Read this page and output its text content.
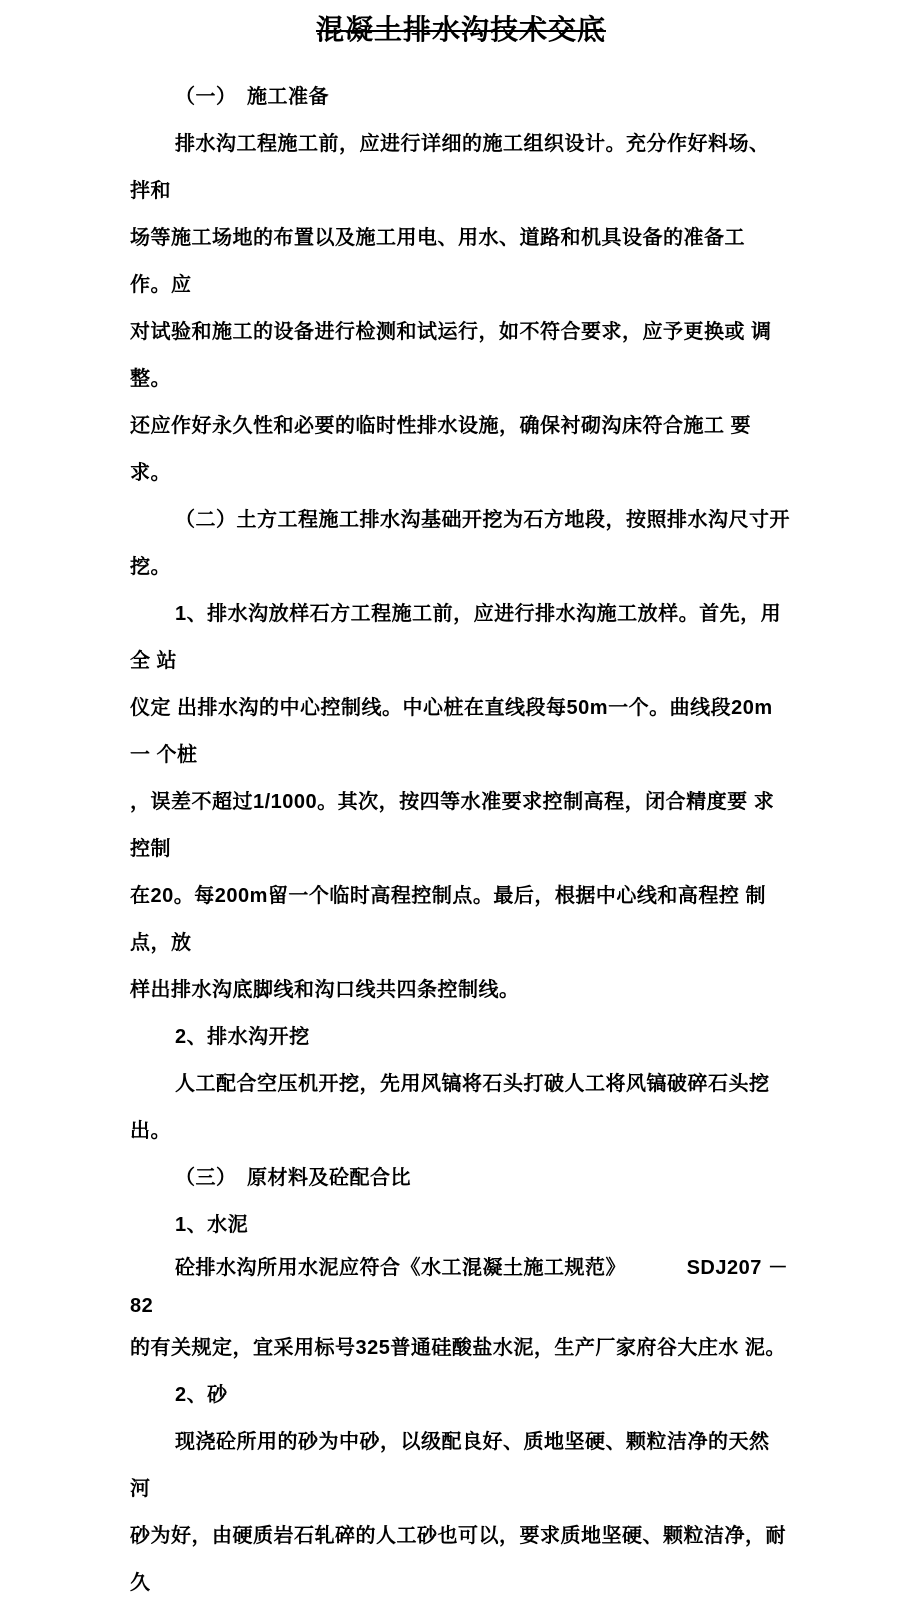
混凝土排水沟技术交底
（一）　施工准备
排水沟工程施工前，应进行详细的施工组织设计。充分作好料场、 拌和
场等施工场地的布置以及施工用电、用水、道路和机具设备的准备工 作。应
对试验和施工的设备进行检测和试运行，如不符合要求，应予更换或 调整。
还应作好永久性和必要的临时性排水设施，确保衬砌沟床符合施工 要求。
（二）土方工程施工排水沟基础开挖为石方地段，按照排水沟尺寸开 挖。
1、排水沟放样石方工程施工前，应进行排水沟施工放样。首先，用全 站
仪定 出排水沟的中心控制线。中心桩在直线段每50m一个。曲线段20m一 个桩
，误差不超过1/1000。其次，按四等水准要求控制高程，闭合精度要 求控制
在20。每200m留一个临时高程控制点。最后，根据中心线和高程控 制点，放
样出排水沟底脚线和沟口线共四条控制线。
2、排水沟开挖
人工配合空压机开挖，先用风镐将石头打破人工将风镐破碎石头挖 出。
（三）　原材料及砼配合比
1、水泥
砼排水沟所用水泥应符合《水工混凝土施工规范》          SDJ207 － 82
的有关规定，宜采用标号325普通硅酸盐水泥，生产厂家府谷大庄水 泥。
2、砂
现浇砼所用的砂为中砂，以级配良好、质地坚硬、颗粒洁净的天然 河
砂为好，由硬质岩石轧碎的人工砂也可以，要求质地坚硬、颗粒洁净，耐 久
